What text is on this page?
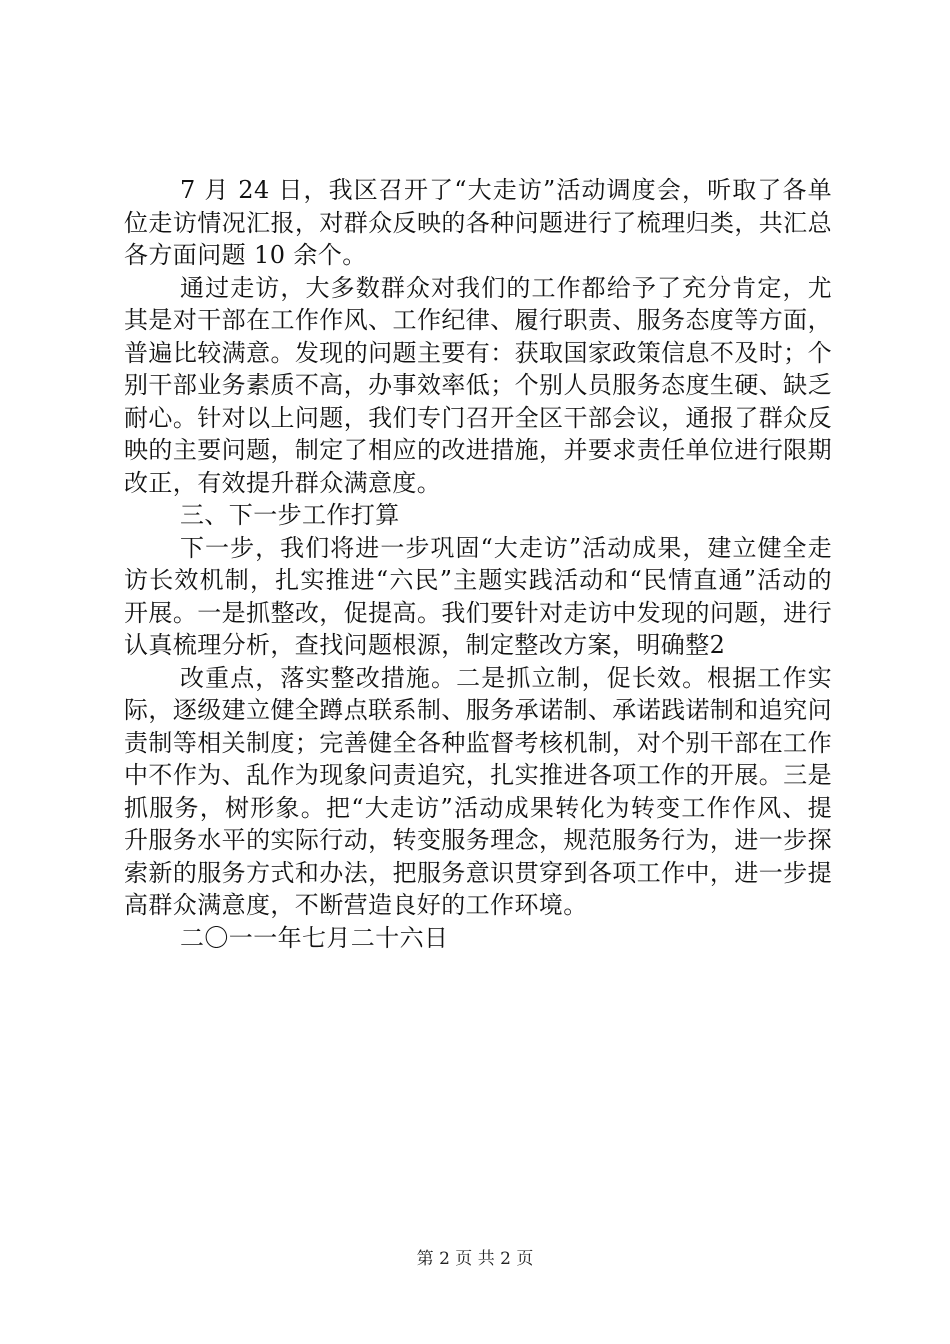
7 月 24 日，我区召开了“大走访”活动调度会，听取了各单位走访情况汇报，对群众反映的各种问题进行了梳理归类，共汇总各方面问题 10 余个。

通过走访，大多数群众对我们的工作都给予了充分肯定，尤其是对干部在工作作风、工作纪律、履行职责、服务态度等方面，普遍比较满意。发现的问题主要有：获取国家政策信息不及时；个别干部业务素质不高，办事效率低；个别人员服务态度生硬、缺乏耐心。针对以上问题，我们专门召开全区干部会议，通报了群众反映的主要问题，制定了相应的改进措施，并要求责任单位进行限期改正，有效提升群众满意度。

三、下一步工作打算

下一步，我们将进一步巩固“大走访”活动成果，建立健全走访长效机制，扎实推进“六民”主题实践活动和“民情直通”活动的开展。一是抓整改，促提高。我们要针对走访中发现的问题，进行认真梳理分析，查找问题根源，制定整改方案，明确整2

改重点，落实整改措施。二是抓立制，促长效。根据工作实际，逐级建立健全蹲点联系制、服务承诺制、承诺践诺制和追究问责制等相关制度；完善健全各种监督考核机制，对个别干部在工作中不作为、乱作为现象问责追究，扎实推进各项工作的开展。三是抓服务，树形象。把“大走访”活动成果转化为转变工作作风、提升服务水平的实际行动，转变服务理念，规范服务行为，进一步探索新的服务方式和办法，把服务意识贯穿到各项工作中，进一步提高群众满意度，不断营造良好的工作环境。

二〇一一年七月二十六日

第 2 页 共 2 页
